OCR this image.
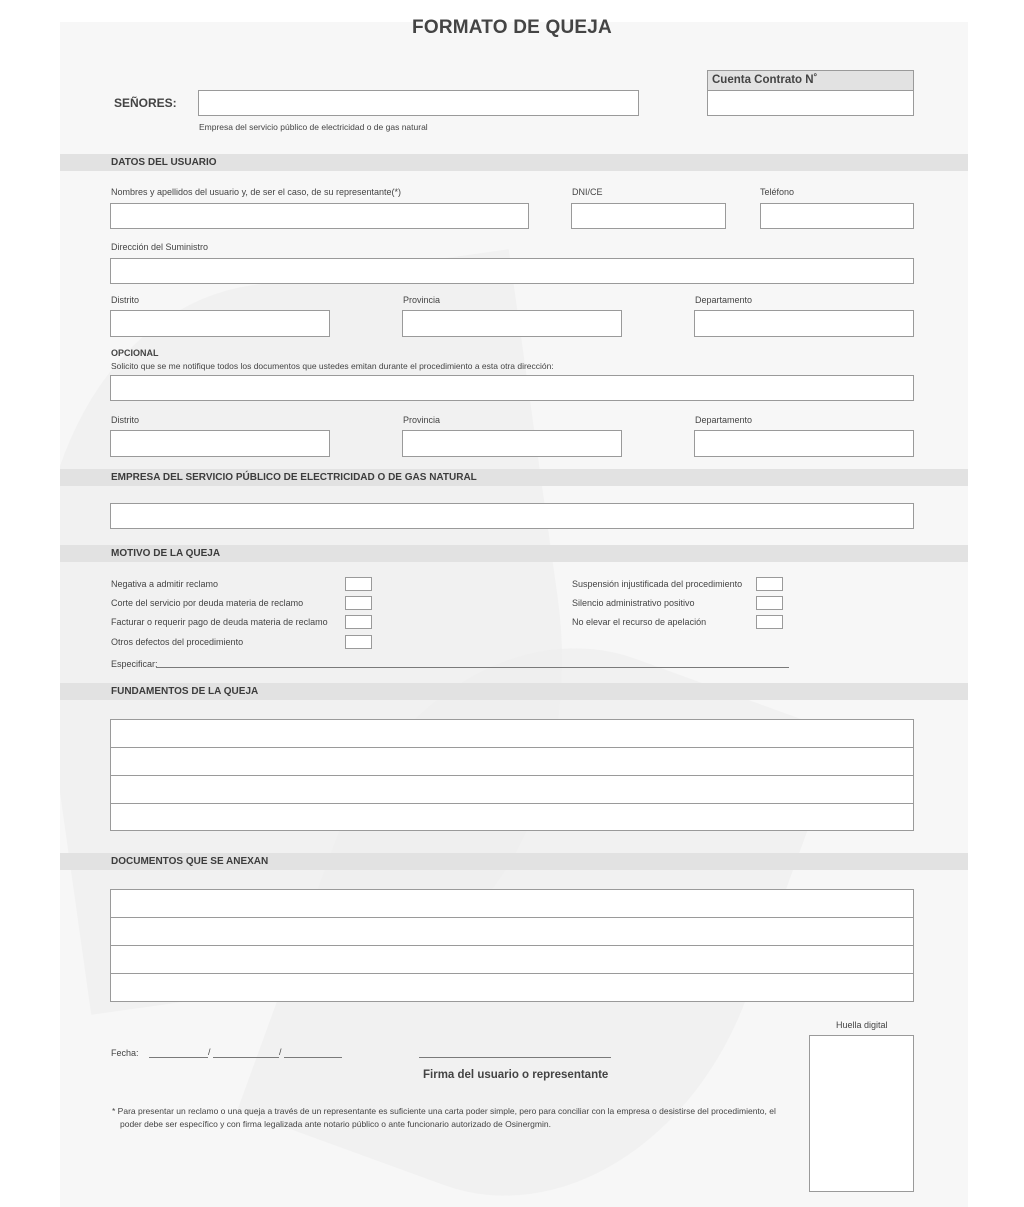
FORMATO DE QUEJA
SEÑORES:
Empresa del servicio público de electricidad o de gas natural
Cuenta Contrato N˚
DATOS DEL USUARIO
Nombres y apellidos del usuario y, de ser el caso, de su representante(*)	DNI/CE	Teléfono
Dirección del Suministro
Distrito	Provincia	Departamento
OPCIONAL
Solicito que se me notifique todos los documentos que ustedes emitan durante el procedimiento a esta otra dirección:
Distrito	Provincia	Departamento
EMPRESA DEL SERVICIO PÚBLICO DE ELECTRICIDAD O DE GAS NATURAL
MOTIVO DE LA QUEJA
Negativa a admitir reclamo
Corte del servicio por deuda materia de reclamo
Facturar o requerir pago de deuda materia de reclamo
Otros defectos del procedimiento
Suspensión injustificada del procedimiento
Silencio administrativo positivo
No elevar el recurso de apelación
Especificar:
FUNDAMENTOS DE LA QUEJA
DOCUMENTOS QUE SE ANEXAN
Huella digital
Fecha:	/	/
Firma del usuario o representante
* Para presentar un reclamo o una queja a través de un representante es suficiente una carta poder simple, pero para conciliar con la empresa o desistirse del procedimiento, el
poder debe ser específico y con firma legalizada ante notario público o ante funcionario autorizado de Osinergmin.
